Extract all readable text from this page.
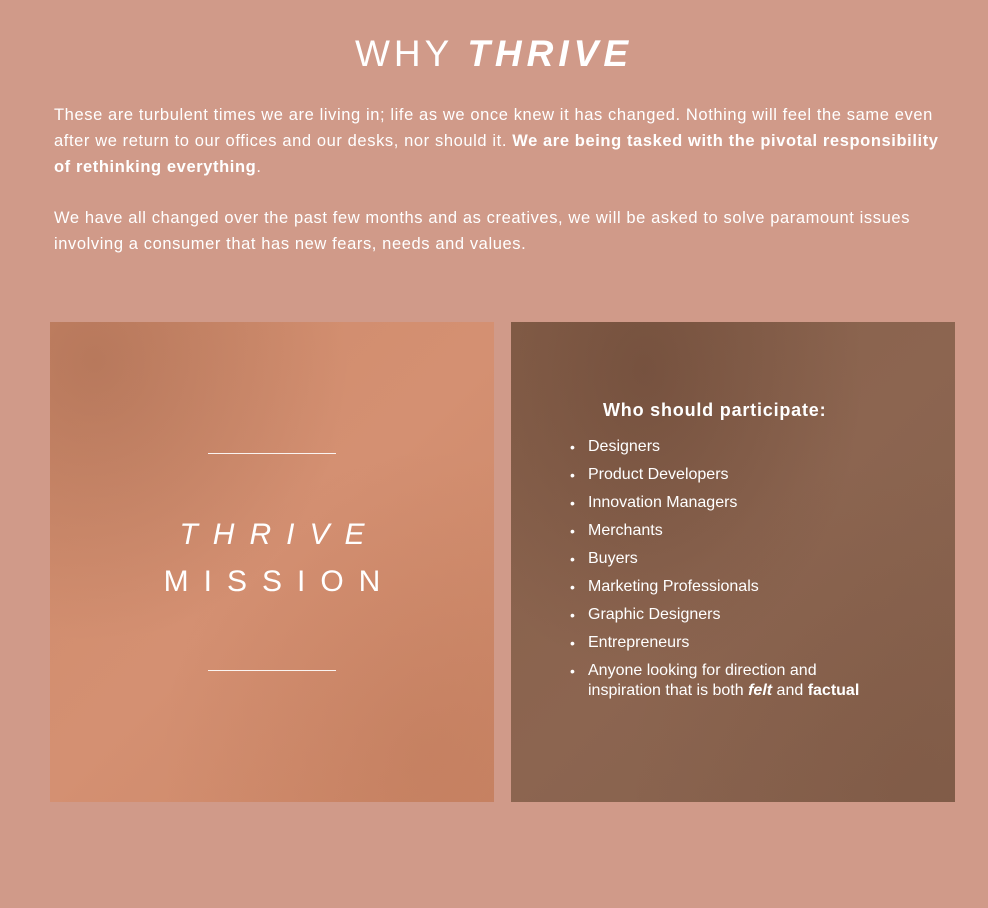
WHY THRIVE

These are turbulent times we are living in; life as we once knew it has changed. Nothing will feel the same even after we return to our offices and our desks, nor should it. We are being tasked with the pivotal responsibility of rethinking everything.

We have all changed over the past few months and as creatives, we will be asked to solve paramount issues involving a consumer that has new fears, needs and values.

THRIVE
MISSION
Who should participate:
• Designers
• Product Developers
• Innovation Managers
• Merchants
• Buyers
• Marketing Professionals
• Graphic Designers
• Entrepreneurs
• Anyone looking for direction and
inspiration that is both felt and factual
